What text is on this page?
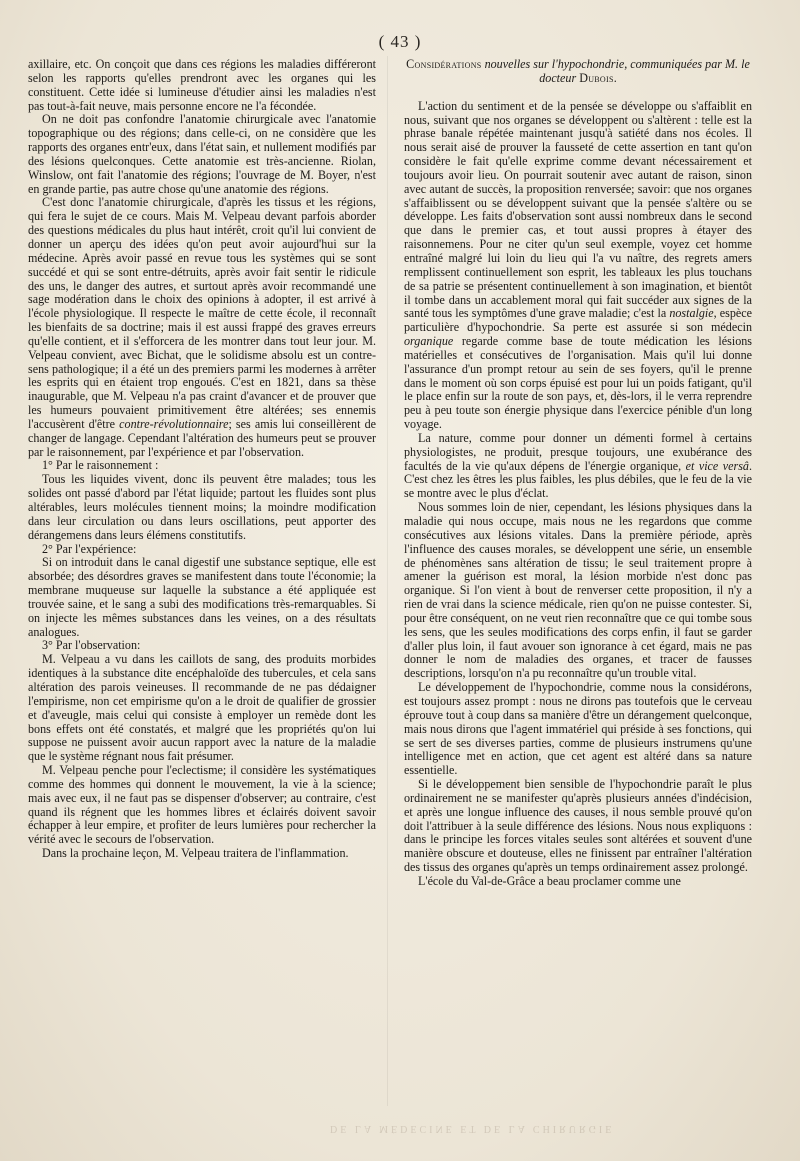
( 43 )

axillaire, etc. On conçoit que dans ces régions les maladies différeront selon les rapports qu'elles prendront avec les organes qui les constituent. Cette idée si lumineuse d'étudier ainsi les maladies n'est pas tout-à-fait neuve, mais personne encore ne l'a fécondée.

On ne doit pas confondre l'anatomie chirurgicale avec l'anatomie topographique ou des régions; dans celle-ci, on ne considère que les rapports des organes entr'eux, dans l'état sain, et nullement modifiés par des lésions quelconques. Cette anatomie est très-ancienne. Riolan, Winslow, ont fait l'anatomie des régions; l'ouvrage de M. Boyer, n'est en grande partie, pas autre chose qu'une anatomie des régions.

C'est donc l'anatomie chirurgicale, d'après les tissus et les régions, qui fera le sujet de ce cours. Mais M. Velpeau devant parfois aborder des questions médicales du plus haut intérêt, croit qu'il lui convient de donner un aperçu des idées qu'on peut avoir aujourd'hui sur la médecine. Après avoir passé en revue tous les systèmes qui se sont succédé et qui se sont entre-détruits, après avoir fait sentir le ridicule des uns, le danger des autres, et surtout après avoir recommandé une sage modération dans le choix des opinions à adopter, il est arrivé à l'école physiologique. Il respecte le maître de cette école, il reconnaît les bienfaits de sa doctrine; mais il est aussi frappé des graves erreurs qu'elle contient, et il s'efforcera de les montrer dans tout leur jour. M. Velpeau convient, avec Bichat, que le solidisme absolu est un contre-sens pathologique; il a été un des premiers parmi les modernes à arrêter les esprits qui en étaient trop engoués. C'est en 1821, dans sa thèse inaugurable, que M. Velpeau n'a pas craint d'avancer et de prouver que les humeurs pouvaient primitivement être altérées; ses ennemis l'accusèrent d'être contre-révolutionnaire; ses amis lui conseillèrent de changer de langage. Cependant l'altération des humeurs peut se prouver par le raisonnement, par l'expérience et par l'observation.

1° Par le raisonnement :

Tous les liquides vivent, donc ils peuvent être malades; tous les solides ont passé d'abord par l'état liquide; partout les fluides sont plus altérables, leurs molécules tiennent moins; la moindre modification dans leur circulation ou dans leurs oscillations, peut apporter des dérangemens dans leurs élémens constitutifs.

2° Par l'expérience:

Si on introduit dans le canal digestif une substance septique, elle est absorbée; des désordres graves se manifestent dans toute l'économie; la membrane muqueuse sur laquelle la substance a été appliquée est trouvée saine, et le sang a subi des modifications très-remarquables. Si on injecte les mêmes substances dans les veines, on a des résultats analogues.

3° Par l'observation:

M. Velpeau a vu dans les caillots de sang, des produits morbides identiques à la substance dite encéphaloïde des tubercules, et cela sans altération des parois veineuses. Il recommande de ne pas dédaigner l'empirisme, non cet empirisme qu'on a le droit de qualifier de grossier et d'aveugle, mais celui qui consiste à employer un remède dont les bons effets ont été constatés, et malgré que les propriétés qu'on lui suppose ne puissent avoir aucun rapport avec la nature de la maladie que le système régnant nous fait présumer.

M. Velpeau penche pour l'eclectisme; il considère les systématiques comme des hommes qui donnent le mouvement, la vie à la science; mais avec eux, il ne faut pas se dispenser d'observer; au contraire, c'est quand ils régnent que les hommes libres et éclairés doivent savoir échapper à leur empire, et profiter de leurs lumières pour rechercher la vérité avec le secours de l'observation.

Dans la prochaine leçon, M. Velpeau traitera de l'inflammation.

Considérations nouvelles sur l'hypochondrie, communiquées par M. le docteur Dubois.

L'action du sentiment et de la pensée se développe ou s'affaiblit en nous, suivant que nos organes se développent ou s'altèrent : telle est la phrase banale répétée maintenant jusqu'à satiété dans nos écoles. Il nous serait aisé de prouver la fausseté de cette assertion en tant qu'on considère le fait qu'elle exprime comme devant nécessairement et toujours avoir lieu. On pourrait soutenir avec autant de raison, sinon avec autant de succès, la proposition renversée; savoir: que nos organes s'affaiblissent ou se développent suivant que la pensée s'altère ou se développe. Les faits d'observation sont aussi nombreux dans le second que dans le premier cas, et tout aussi propres à étayer des raisonnemens. Pour ne citer qu'un seul exemple, voyez cet homme entraîné malgré lui loin du lieu qui l'a vu naître, des regrets amers remplissent continuellement son esprit, les tableaux les plus touchans de sa patrie se présentent continuellement à son imagination, et bientôt il tombe dans un accablement moral qui fait succéder aux signes de la santé tous les symptômes d'une grave maladie; c'est la nostalgie, espèce particulière d'hypochondrie. Sa perte est assurée si son médecin organique regarde comme base de toute médication les lésions matérielles et consécutives de l'organisation. Mais qu'il lui donne l'assurance d'un prompt retour au sein de ses foyers, qu'il le prenne dans le moment où son corps épuisé est pour lui un poids fatigant, qu'il le place enfin sur la route de son pays, et, dès-lors, il le verra reprendre peu à peu toute son énergie physique dans l'exercice pénible d'un long voyage.

La nature, comme pour donner un démenti formel à certains physiologistes, ne produit, presque toujours, une exubérance des facultés de la vie qu'aux dépens de l'énergie organique, et vice versâ. C'est chez les êtres les plus faibles, les plus débiles, que le feu de la vie se montre avec le plus d'éclat.

Nous sommes loin de nier, cependant, les lésions physiques dans la maladie qui nous occupe, mais nous ne les regardons que comme consécutives aux lésions vitales. Dans la première période, après l'influence des causes morales, se développent une série, un ensemble de phénomènes sans altération de tissu; le seul traitement propre à amener la guérison est moral, la lésion morbide n'est donc pas organique. Si l'on vient à bout de renverser cette proposition, il n'y a rien de vrai dans la science médicale, rien qu'on ne puisse contester. Si, pour être conséquent, on ne veut rien reconnaître que ce qui tombe sous les sens, que les seules modifications des corps enfin, il faut se garder d'aller plus loin, il faut avouer son ignorance à cet égard, mais ne pas donner le nom de maladies des organes, et tracer de fausses descriptions, lorsqu'on n'a pu reconnaître qu'un trouble vital.

Le développement de l'hypochondrie, comme nous la considérons, est toujours assez prompt : nous ne dirons pas toutefois que le cerveau éprouve tout à coup dans sa manière d'être un dérangement quelconque, mais nous dirons que l'agent immatériel qui préside à ses fonctions, qui se sert de ses diverses parties, comme de plusieurs instrumens qu'une intelligence met en action, que cet agent est altéré dans sa nature essentielle.

Si le développement bien sensible de l'hypochondrie paraît le plus ordinairement ne se manifester qu'après plusieurs années d'indécision, et après une longue influence des causes, il nous semble prouvé qu'on doit l'attribuer à la seule différence des lésions. Nous nous expliquons : dans le principe les forces vitales seules sont altérées et souvent d'une manière obscure et douteuse, elles ne finissent par entraîner l'altération des tissus des organes qu'après un temps ordinairement assez prolongé.

L'école du Val-de-Grâce a beau proclamer comme une

DE LA MÉDECINE ET DE LA CHIRURGIE
